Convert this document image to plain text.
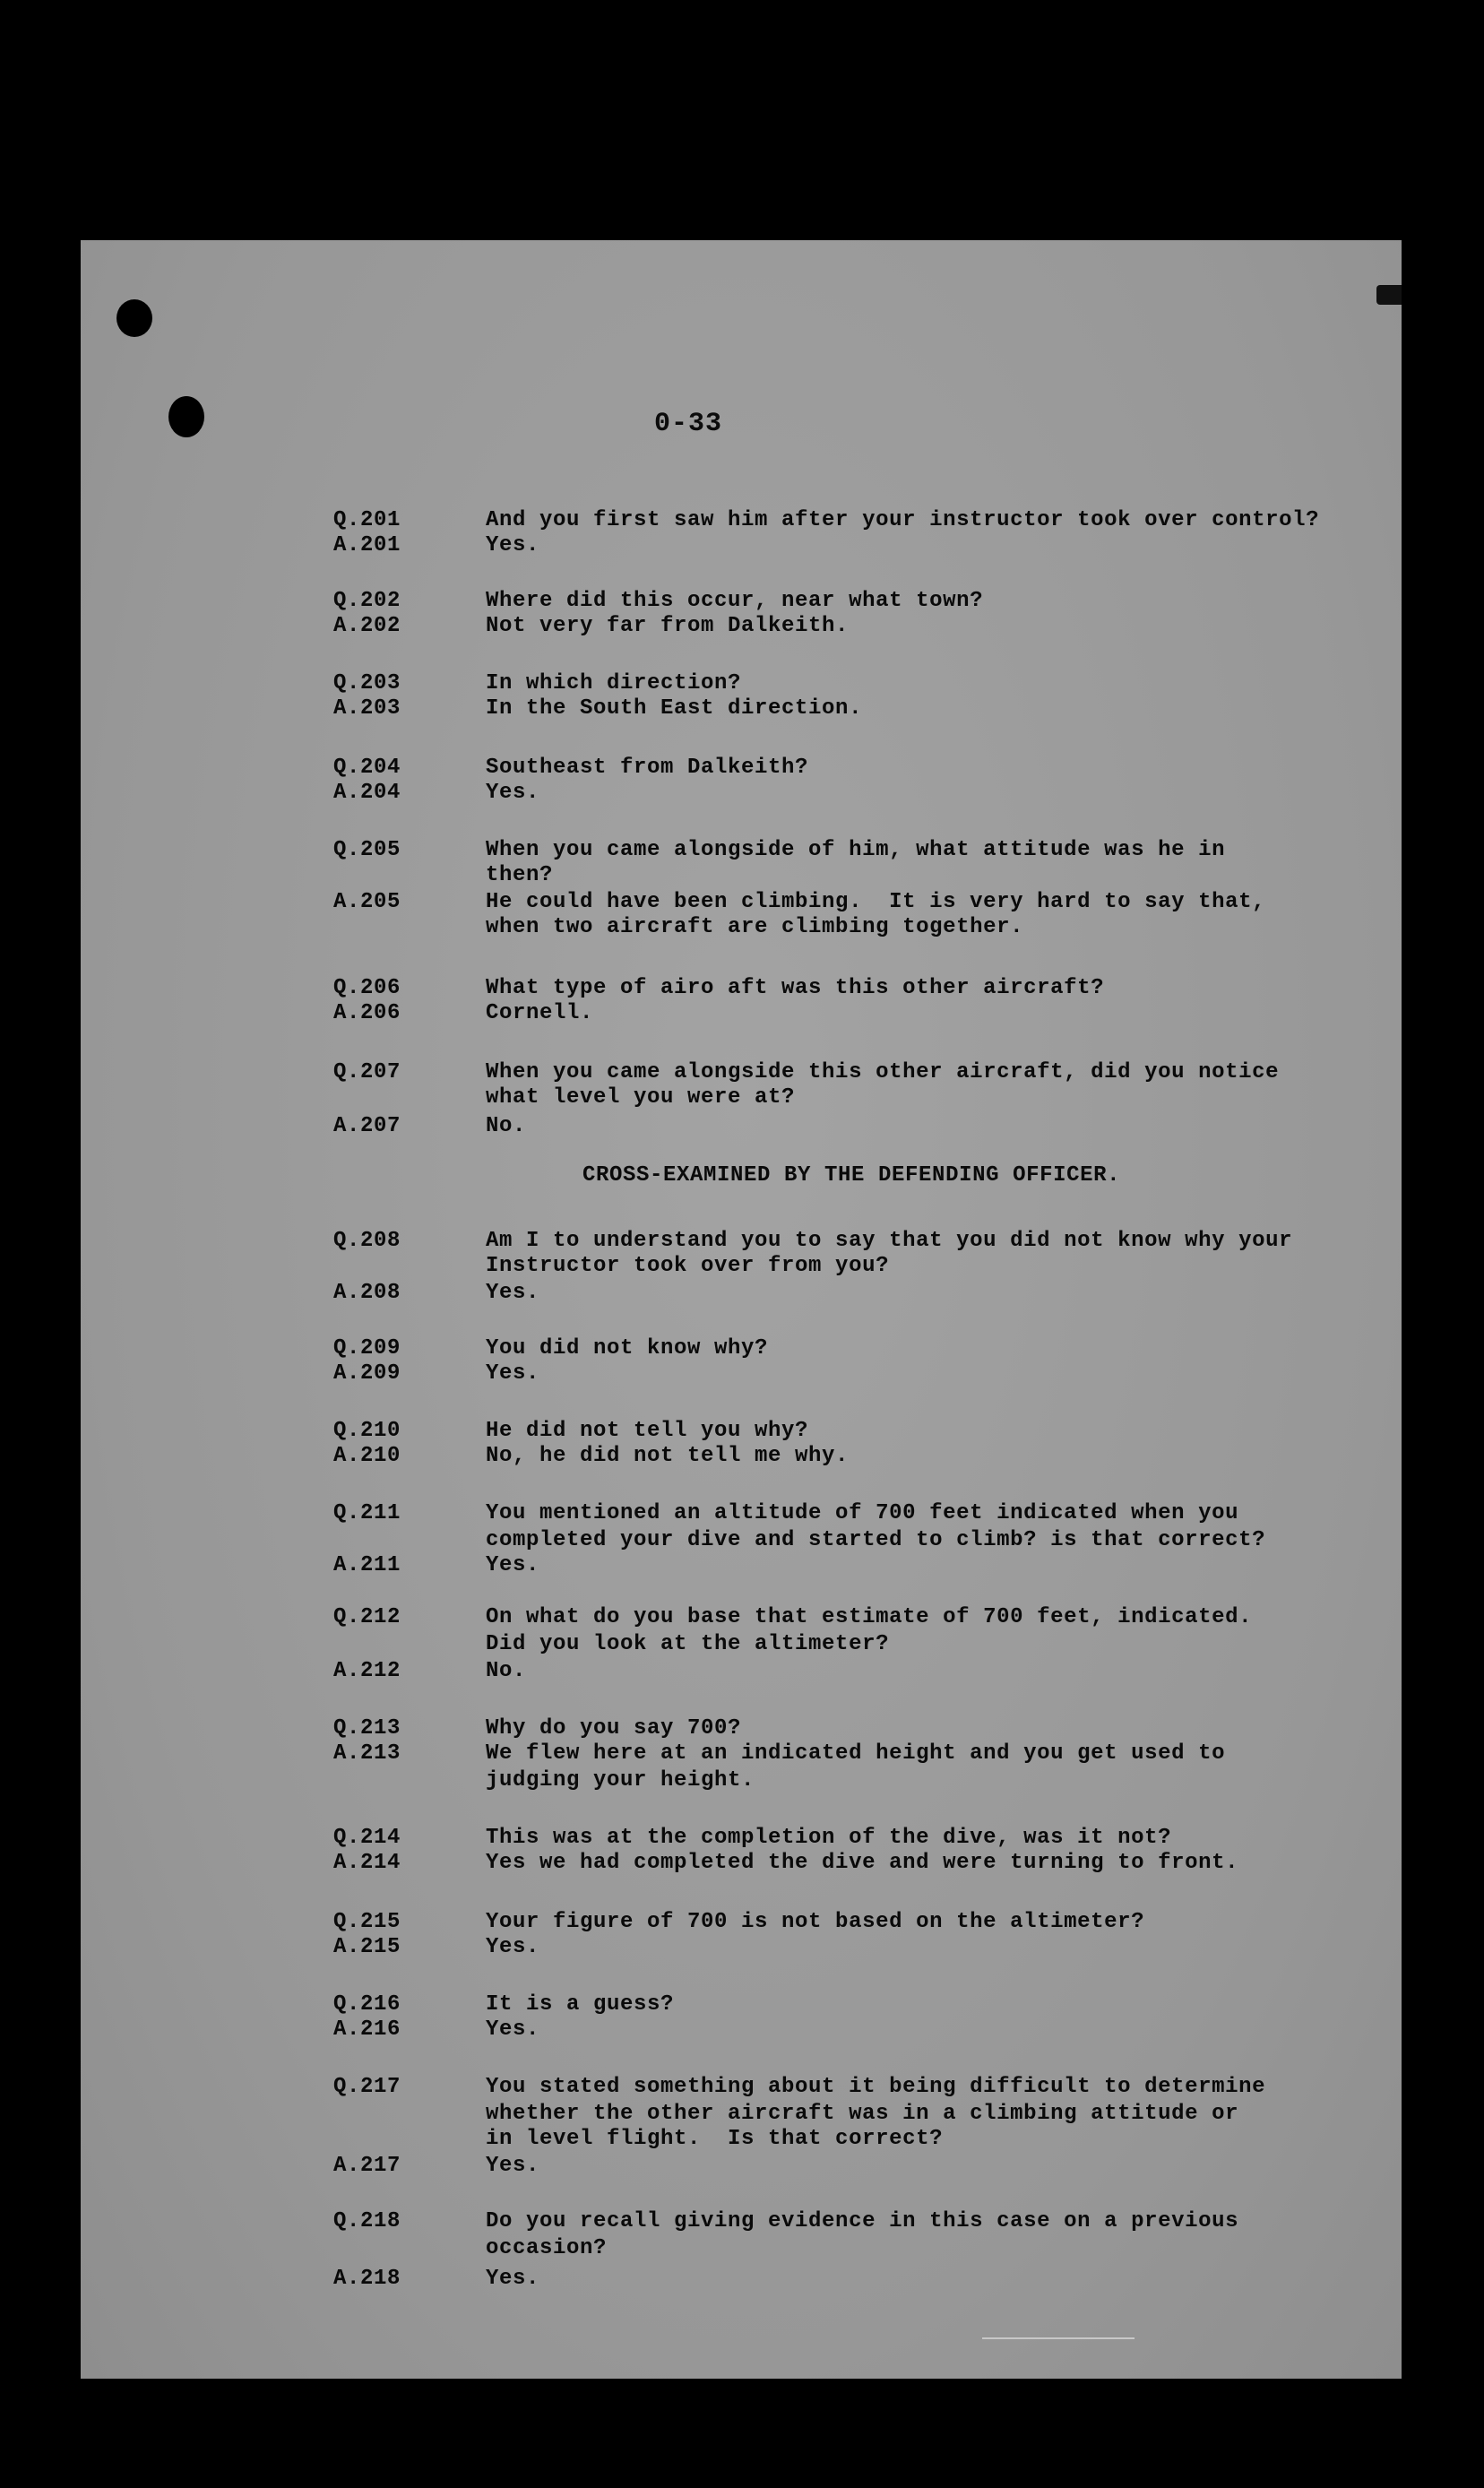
0-33
Q.201	And you first saw him after your instructor took over control?
A.201	Yes.
Q.202	Where did this occur, near what town?
A.202	Not very far from Dalkeith.
Q.203	In which direction?
A.203	In the South East direction.
Q.204	Southeast from Dalkeith?
A.204	Yes.
Q.205	When you came alongside of him, what attitude was he in
then?
A.205	He could have been climbing.  It is very hard to say that,
when two aircraft are climbing together.
Q.206	What type of airo aft was this other aircraft?
A.206	Cornell.
Q.207	When you came alongside this other aircraft, did you notice
what level you were at?
A.207	No.
Q.208	Am I to understand you to say that you did not know why your
Instructor took over from you?
A.208	Yes.
Q.209	You did not know why?
A.209	Yes.
Q.210	He did not tell you why?
A.210	No, he did not tell me why.
Q.211	You mentioned an altitude of 700 feet indicated when you
completed your dive and started to climb? is that correct?
A.211	Yes.
Q.212	On what do you base that estimate of 700 feet, indicated.
Did you look at the altimeter?
A.212	No.
Q.213	Why do you say 700?
A.213	We flew here at an indicated height and you get used to
judging your height.
Q.214	This was at the completion of the dive, was it not?
A.214	Yes we had completed the dive and were turning to front.
Q.215	Your figure of 700 is not based on the altimeter?
A.215	Yes.
Q.216	It is a guess?
A.216	Yes.
Q.217	You stated something about it being difficult to determine
whether the other aircraft was in a climbing attitude or
in level flight.  Is that correct?
A.217	Yes.
Q.218	Do you recall giving evidence in this case on a previous
occasion?
A.218	Yes.
CROSS-EXAMINED BY THE DEFENDING OFFICER.
